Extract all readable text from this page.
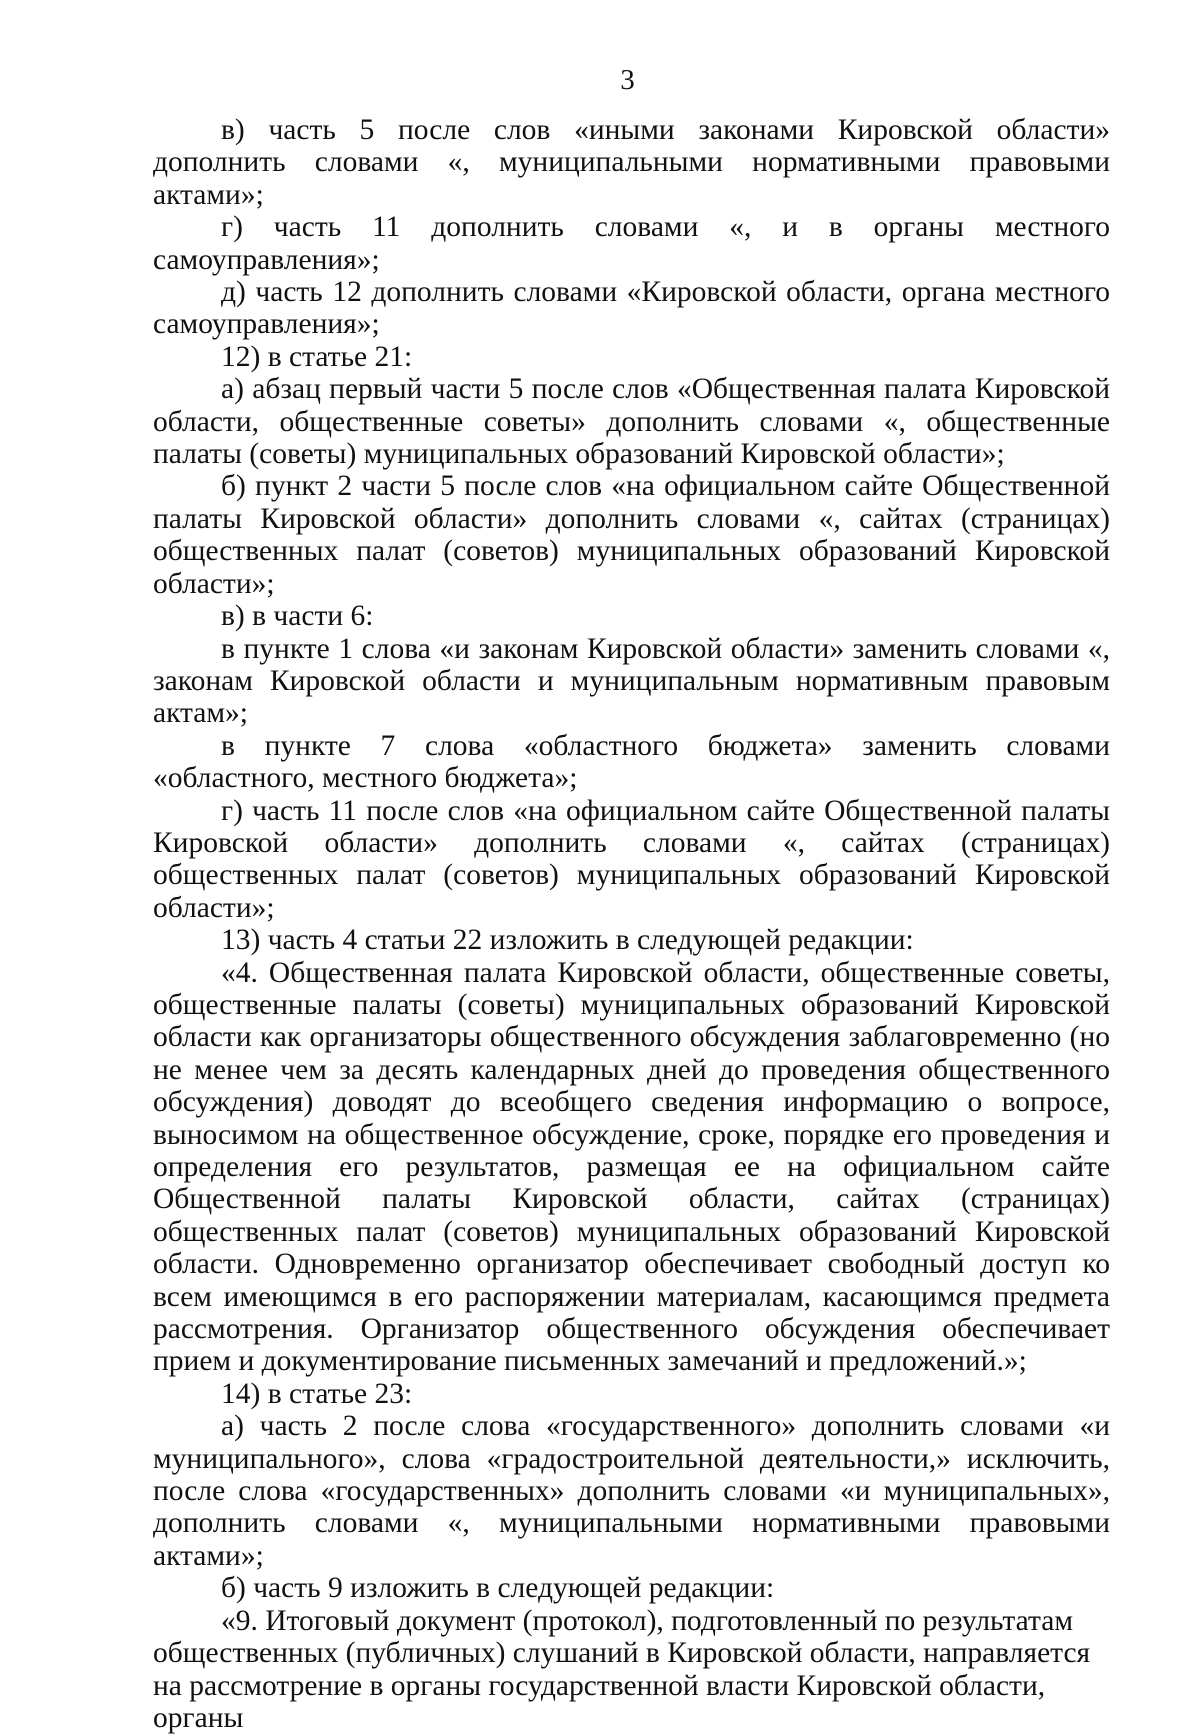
3

в) часть 5 после слов «иными законами Кировской области» дополнить словами «, муниципальными нормативными правовыми актами»;

г) часть 11 дополнить словами «, и в органы местного самоуправления»;

д) часть 12 дополнить словами «Кировской области, органа местного самоуправления»;

12) в статье 21:

а) абзац первый части 5 после слов «Общественная палата Кировской области, общественные советы» дополнить словами «, общественные палаты (советы) муниципальных образований Кировской области»;

б) пункт 2 части 5 после слов «на официальном сайте Общественной палаты Кировской области» дополнить словами «, сайтах (страницах) общественных палат (советов) муниципальных образований Кировской области»;

в) в части 6:

в пункте 1 слова «и законам Кировской области» заменить словами «, законам Кировской области и муниципальным нормативным правовым актам»;

в пункте 7 слова «областного бюджета» заменить словами «областного, местного бюджета»;

г) часть 11 после слов «на официальном сайте Общественной палаты Кировской области» дополнить словами «, сайтах (страницах) общественных палат (советов) муниципальных образований Кировской области»;

13) часть 4 статьи 22 изложить в следующей редакции:

«4. Общественная палата Кировской области, общественные советы, общественные палаты (советы) муниципальных образований Кировской области как организаторы общественного обсуждения заблаговременно (но не менее чем за десять календарных дней до проведения общественного обсуждения) доводят до всеобщего сведения информацию о вопросе, выносимом на общественное обсуждение, сроке, порядке его проведения и определения его результатов, размещая ее на официальном сайте Общественной палаты Кировской области, сайтах (страницах) общественных палат (советов) муниципальных образований Кировской области. Одновременно организатор обеспечивает свободный доступ ко всем имеющимся в его распоряжении материалам, касающимся предмета рассмотрения. Организатор общественного обсуждения обеспечивает прием и документирование письменных замечаний и предложений.»;

14) в статье 23:

а) часть 2 после слова «государственного» дополнить словами «и муниципального», слова «градостроительной деятельности,» исключить, после слова «государственных» дополнить словами «и муниципальных», дополнить словами «, муниципальными нормативными правовыми актами»;

б) часть 9 изложить в следующей редакции:

«9. Итоговый документ (протокол), подготовленный по результатам общественных (публичных) слушаний в Кировской области, направляется на рассмотрение в органы государственной власти Кировской области, органы
